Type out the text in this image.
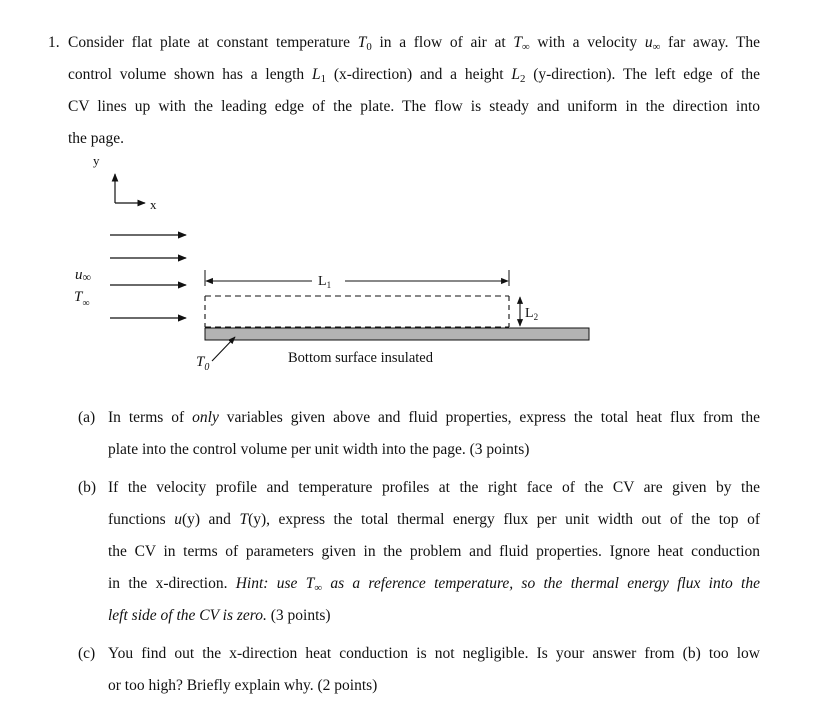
1. Consider flat plate at constant temperature $T_0$ in a flow of air at $T_\infty$ with a velocity $u_\infty$ far away. The
control volume shown has a length $L_1$ (x-direction) and a height $L_2$ (y-direction). The left edge of the
CV lines up with the leading edge of the plate. The flow is steady and uniform in the direction into
the page.
y
x
u∞
$T_\infty$
$L_1$
$L_2$
$T_0$
Bottom surface insulated
(a) In terms of only variables given above and fluid properties, express the total heat flux from the
plate into the control volume per unit width into the page. (3 points)
(b) If the velocity profile and temperature profiles at the right face of the CV are given by the
functions u(y) and T(y), express the total thermal energy flux per unit width out of the top of
the CV in terms of parameters given in the problem and fluid properties. Ignore heat conduction
in the x-direction. Hint: use $T_\infty$ as a reference temperature, so the thermal energy flux into the
left side of the CV is zero. (3 points)
(c) You find out the x-direction heat conduction is not negligible. Is your answer from (b) too low
or too high? Briefly explain why. (2 points)
